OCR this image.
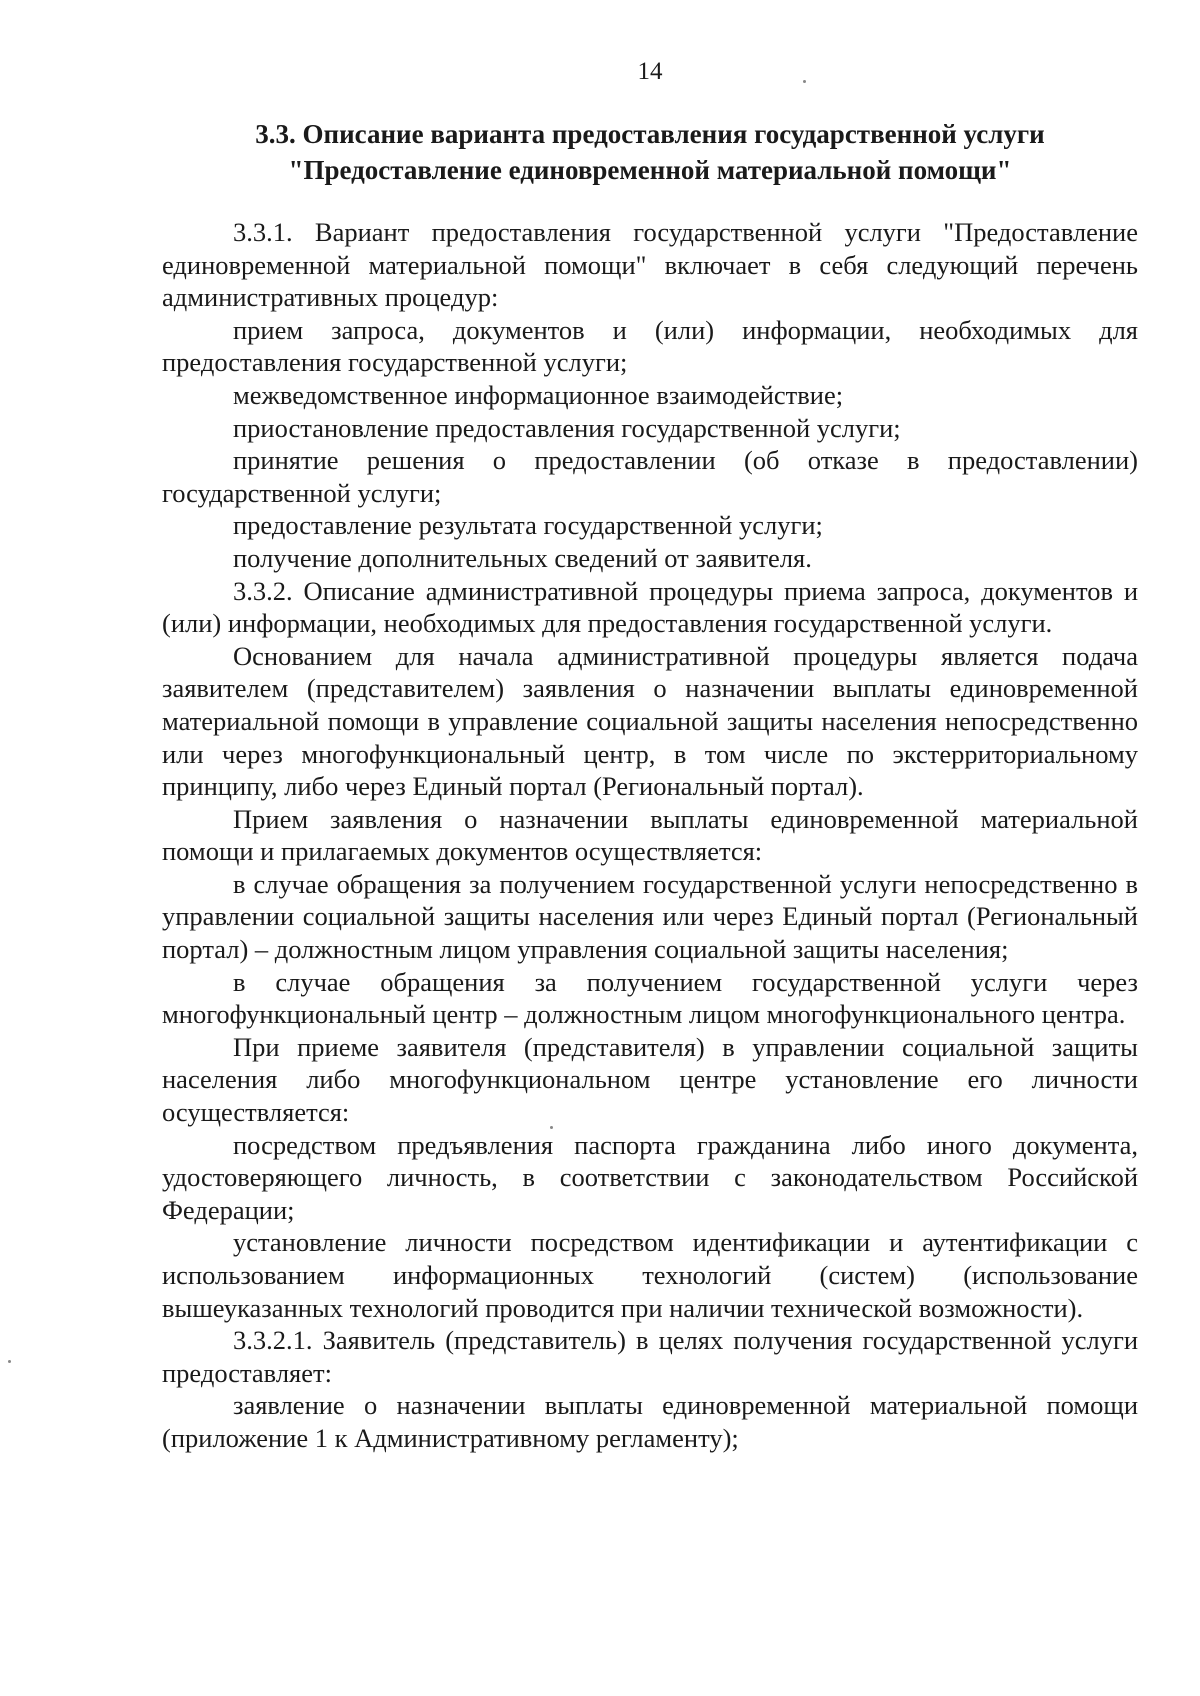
14
3.3. Описание варианта предоставления государственной услуги
"Предоставление единовременной материальной помощи"

3.3.1. Вариант предоставления государственной услуги "Предоставление единовременной материальной помощи" включает в себя следующий перечень административных процедур:

прием запроса, документов и (или) информации, необходимых для предоставления государственной услуги;

межведомственное информационное взаимодействие;

приостановление предоставления государственной услуги;

принятие решения о предоставлении (об отказе в предоставлении) государственной услуги;

предоставление результата государственной услуги;

получение дополнительных сведений от заявителя.

3.3.2. Описание административной процедуры приема запроса, документов и (или) информации, необходимых для предоставления государственной услуги.

Основанием для начала административной процедуры является подача заявителем (представителем) заявления о назначении выплаты единовременной материальной помощи в управление социальной защиты населения непосредственно или через многофункциональный центр, в том числе по экстерриториальному принципу, либо через Единый портал (Региональный портал).

Прием заявления о назначении выплаты единовременной материальной помощи и прилагаемых документов осуществляется:

в случае обращения за получением государственной услуги непосредственно в управлении социальной защиты населения или через Единый портал (Региональный портал) – должностным лицом управления социальной защиты населения;

в случае обращения за получением государственной услуги через многофункциональный центр – должностным лицом многофункционального центра.

При приеме заявителя (представителя) в управлении социальной защиты населения либо многофункциональном центре установление его личности осуществляется:

посредством предъявления паспорта гражданина либо иного документа, удостоверяющего личность, в соответствии с законодательством Российской Федерации;

установление личности посредством идентификации и аутентификации с использованием информационных технологий (систем) (использование вышеуказанных технологий проводится при наличии технической возможности).

3.3.2.1. Заявитель (представитель) в целях получения государственной услуги предоставляет:

заявление о назначении выплаты единовременной материальной помощи (приложение 1 к Административному регламенту);
